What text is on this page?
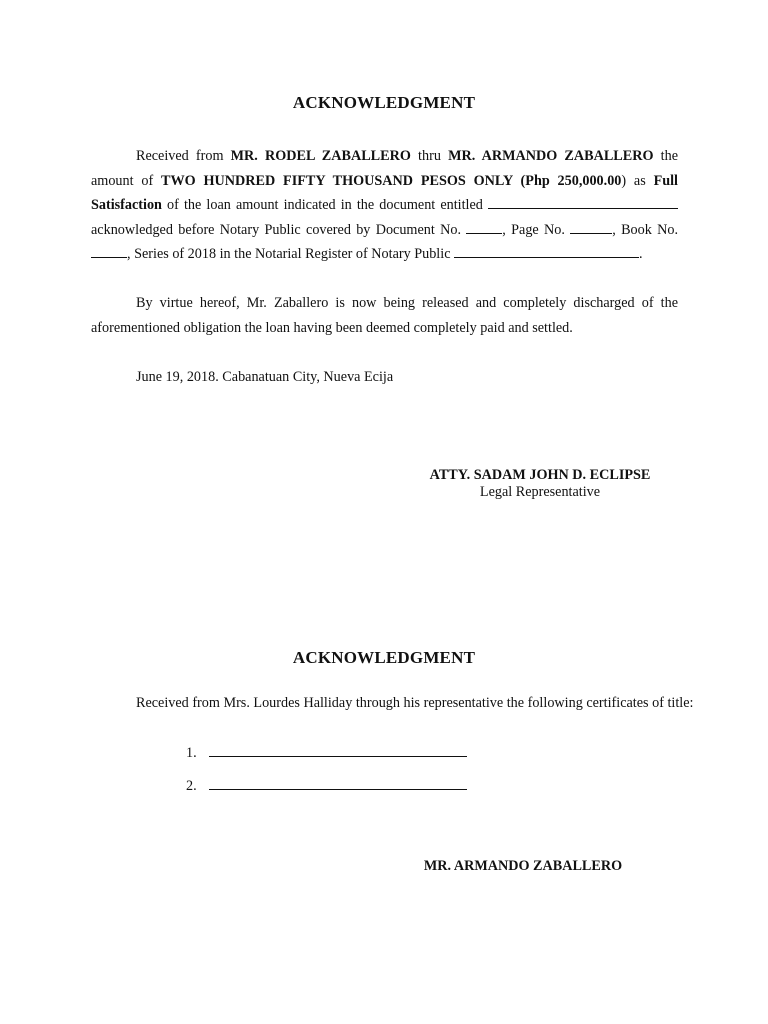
ACKNOWLEDGMENT

Received from MR. RODEL ZABALLERO thru MR. ARMANDO ZABALLERO the amount of TWO HUNDRED FIFTY THOUSAND PESOS ONLY (Php 250,000.00) as Full Satisfaction of the loan amount indicated in the document entitled  acknowledged before Notary Public covered by Document No.	, Page No.	, Book No. , Series of 2018 in the Notarial Register of Notary Public	.

By virtue hereof, Mr. Zaballero is now being released and completely discharged of the aforementioned obligation the loan having been deemed completely paid and settled.

June 19, 2018. Cabanatuan City, Nueva Ecija
ATTY. SADAM JOHN D. ECLIPSE
Legal Representative
ACKNOWLEDGMENT
Received from Mrs. Lourdes Halliday through his representative the following certificates of title:
1.
2.
MR. ARMANDO ZABALLERO
